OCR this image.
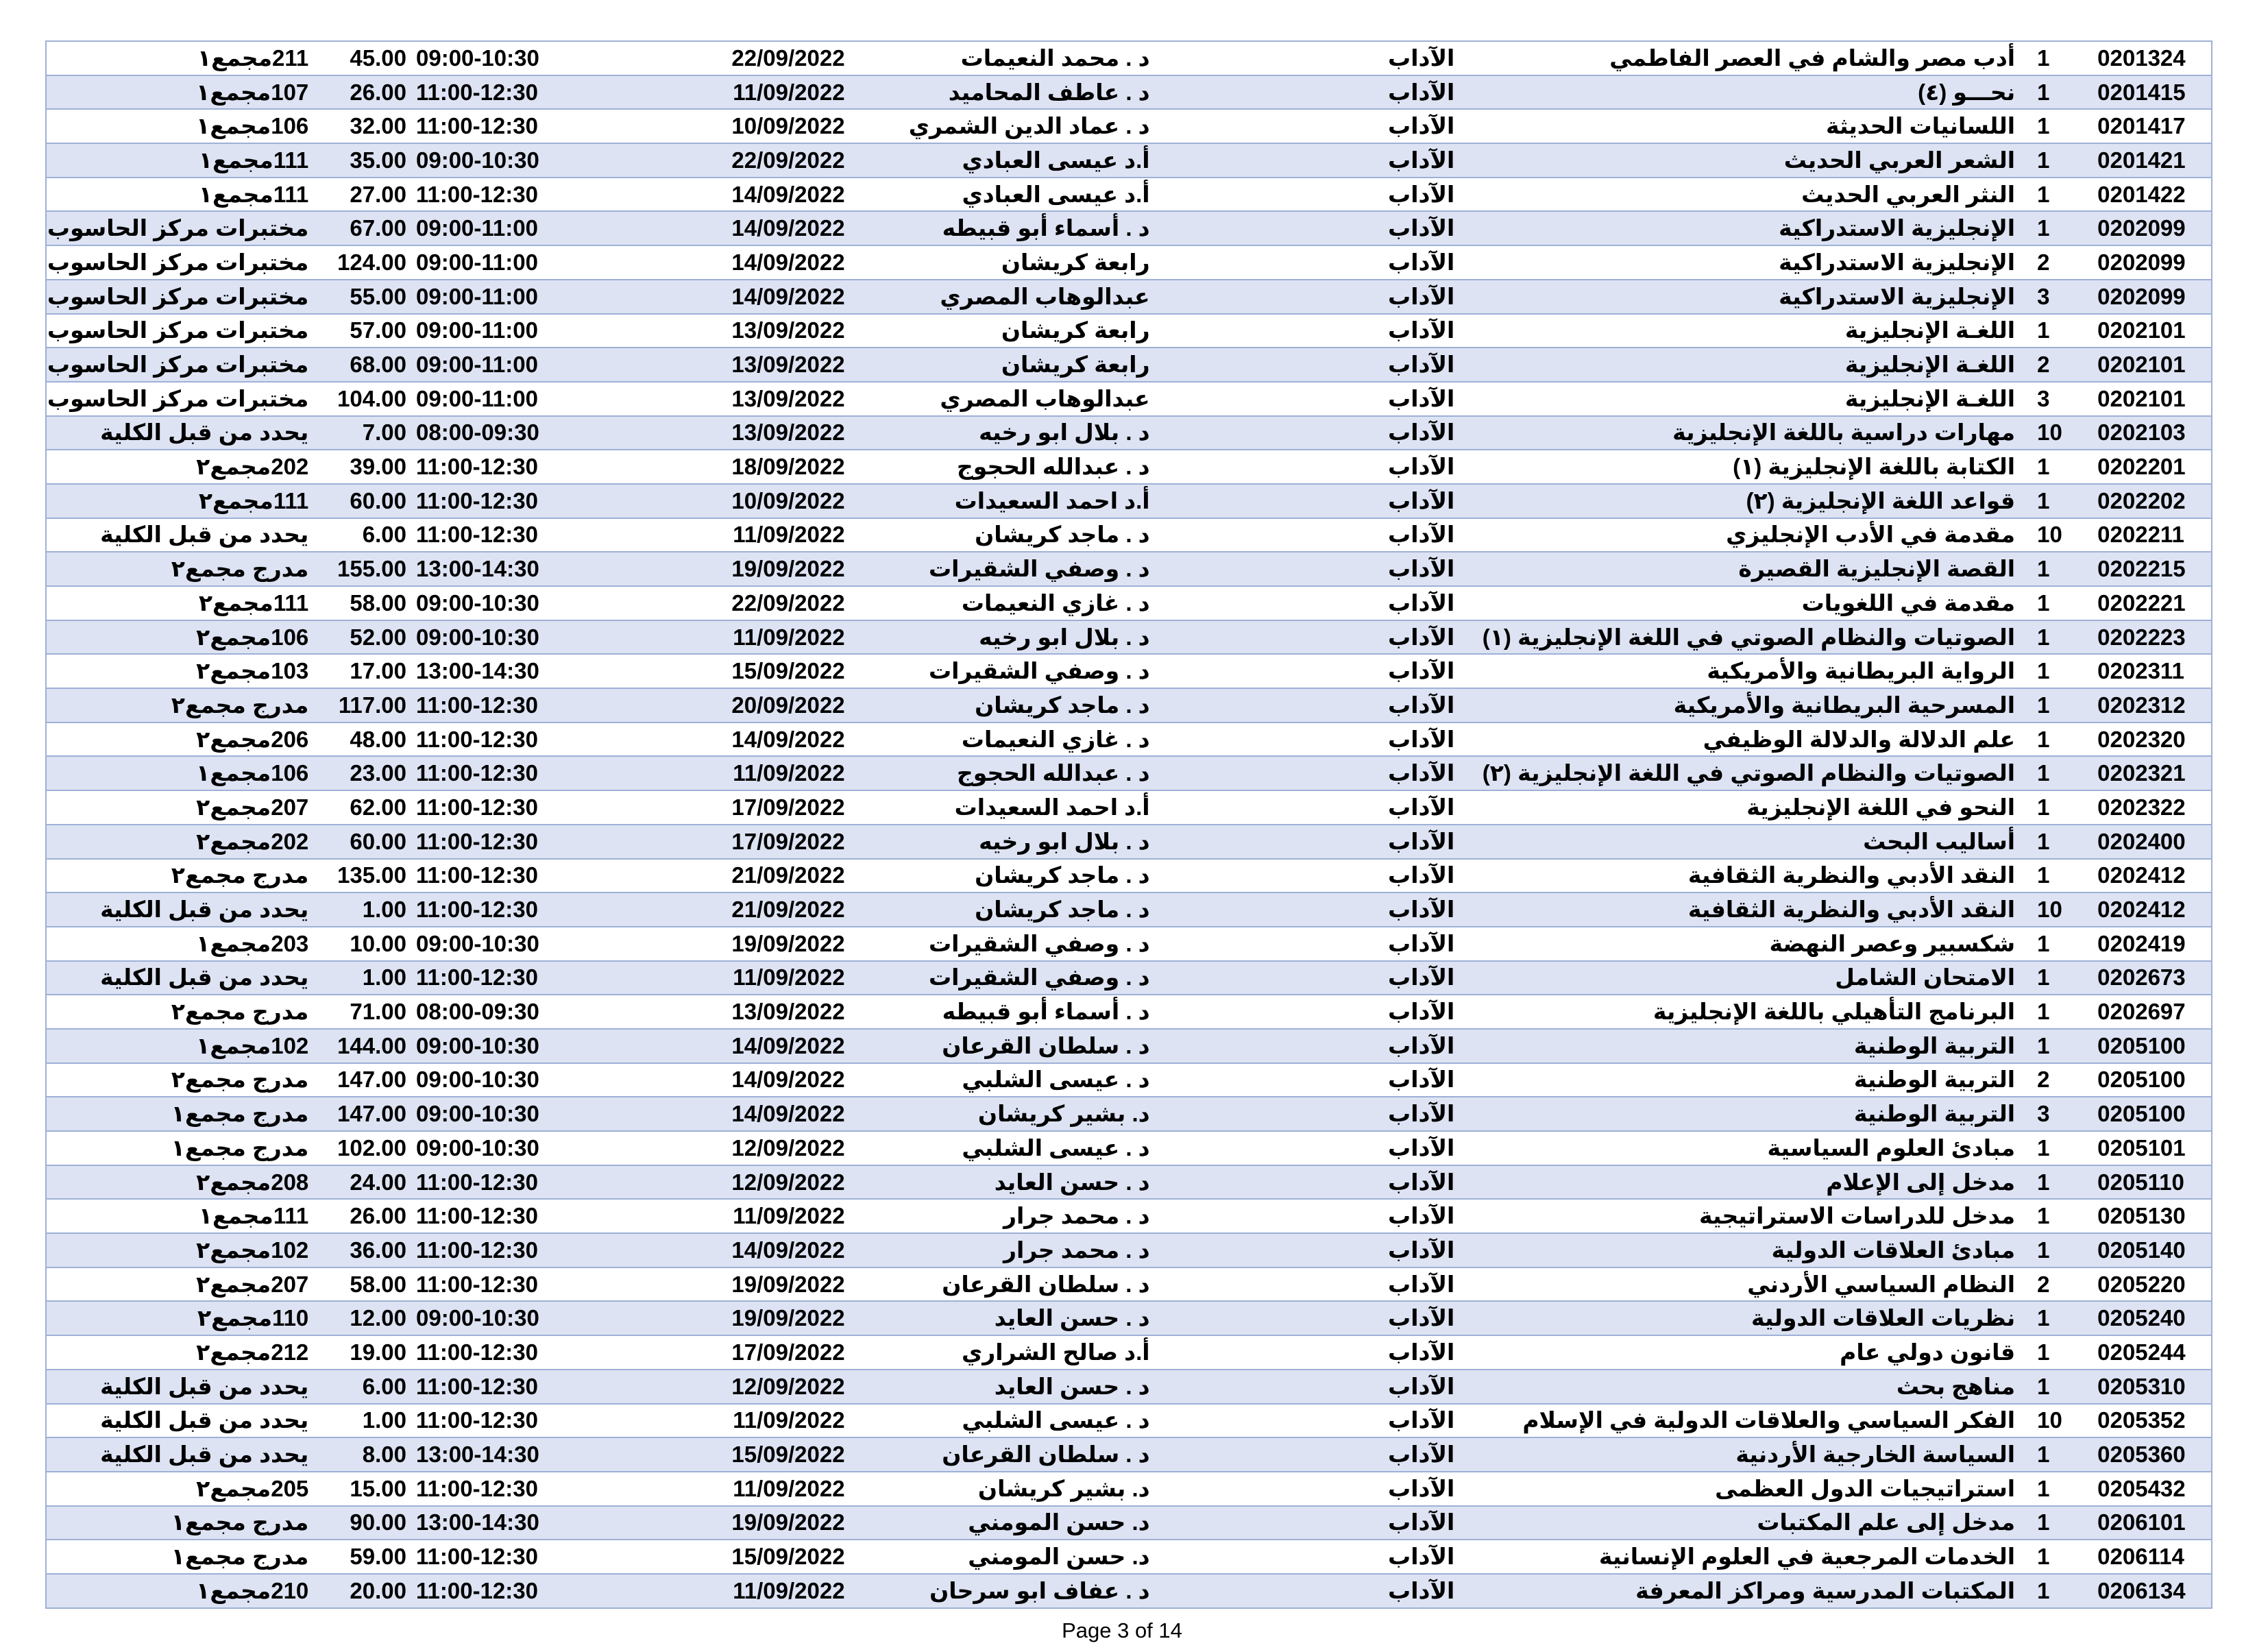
211مجمع١	45.00	09:00-10:30	22/09/2022	د . محمد النعيمات	الآداب	أدب مصر والشام في العصر الفاطمي	1	0201324
107مجمع١	26.00	11:00-12:30	11/09/2022	د . عاطف المحاميد	الآداب	نحـــو (٤)	1	0201415
106مجمع١	32.00	11:00-12:30	10/09/2022	د . عماد الدين الشمري	الآداب	اللسانيات الحديثة	1	0201417
111مجمع١	35.00	09:00-10:30	22/09/2022	أ.د عيسى العبادي	الآداب	الشعر العربي الحديث	1	0201421
111مجمع١	27.00	11:00-12:30	14/09/2022	أ.د عيسى العبادي	الآداب	النثر العربي الحديث	1	0201422
مختبرات مركز الحاسوب	67.00	09:00-11:00	14/09/2022	د . أسماء أبو قبيطه	الآداب	الإنجليزية الاستدراكية	1	0202099
مختبرات مركز الحاسوب	124.00	09:00-11:00	14/09/2022	رابعة كريشان	الآداب	الإنجليزية الاستدراكية	2	0202099
مختبرات مركز الحاسوب	55.00	09:00-11:00	14/09/2022	عبدالوهاب المصري	الآداب	الإنجليزية الاستدراكية	3	0202099
مختبرات مركز الحاسوب	57.00	09:00-11:00	13/09/2022	رابعة كريشان	الآداب	اللغـة الإنجليزية	1	0202101
مختبرات مركز الحاسوب	68.00	09:00-11:00	13/09/2022	رابعة كريشان	الآداب	اللغـة الإنجليزية	2	0202101
مختبرات مركز الحاسوب	104.00	09:00-11:00	13/09/2022	عبدالوهاب المصري	الآداب	اللغـة الإنجليزية	3	0202101
يحدد من قبل الكلية	7.00	08:00-09:30	13/09/2022	د . بلال ابو رخيه	الآداب	مهارات دراسية باللغة الإنجليزية	10	0202103
202مجمع٢	39.00	11:00-12:30	18/09/2022	د . عبدالله الحجوج	الآداب	الكتابة باللغة الإنجليزية (١)	1	0202201
111مجمع٢	60.00	11:00-12:30	10/09/2022	أ.د احمد السعيدات	الآداب	قواعد اللغة الإنجليزية (٢)	1	0202202
يحدد من قبل الكلية	6.00	11:00-12:30	11/09/2022	د . ماجد كريشان	الآداب	مقدمة في الأدب الإنجليزي	10	0202211
مدرج مجمع٢	155.00	13:00-14:30	19/09/2022	د . وصفي الشقيرات	الآداب	القصة الإنجليزية القصيرة	1	0202215
111مجمع٢	58.00	09:00-10:30	22/09/2022	د . غازي النعيمات	الآداب	مقدمة في اللغويات	1	0202221
106مجمع٢	52.00	09:00-10:30	11/09/2022	د . بلال ابو رخيه	الآداب	الصوتيات والنظام الصوتي في اللغة الإنجليزية (١)	1	0202223
103مجمع٢	17.00	13:00-14:30	15/09/2022	د . وصفي الشقيرات	الآداب	الرواية البريطانية والأمريكية	1	0202311
مدرج مجمع٢	117.00	11:00-12:30	20/09/2022	د . ماجد كريشان	الآداب	المسرحية البريطانية والأمريكية	1	0202312
206مجمع٢	48.00	11:00-12:30	14/09/2022	د . غازي النعيمات	الآداب	علم الدلالة والدلالة الوظيفي	1	0202320
106مجمع١	23.00	11:00-12:30	11/09/2022	د . عبدالله الحجوج	الآداب	الصوتيات والنظام الصوتي في اللغة الإنجليزية (٢)	1	0202321
207مجمع٢	62.00	11:00-12:30	17/09/2022	أ.د احمد السعيدات	الآداب	النحو في اللغة الإنجليزية	1	0202322
202مجمع٢	60.00	11:00-12:30	17/09/2022	د . بلال ابو رخيه	الآداب	أساليب البحث	1	0202400
مدرج مجمع٢	135.00	11:00-12:30	21/09/2022	د . ماجد كريشان	الآداب	النقد الأدبي والنظرية الثقافية	1	0202412
يحدد من قبل الكلية	1.00	11:00-12:30	21/09/2022	د . ماجد كريشان	الآداب	النقد الأدبي والنظرية الثقافية	10	0202412
203مجمع١	10.00	09:00-10:30	19/09/2022	د . وصفي الشقيرات	الآداب	شكسبير وعصر النهضة	1	0202419
يحدد من قبل الكلية	1.00	11:00-12:30	11/09/2022	د . وصفي الشقيرات	الآداب	الامتحان الشامل	1	0202673
مدرج مجمع٢	71.00	08:00-09:30	13/09/2022	د . أسماء أبو قبيطه	الآداب	البرنامج التأهيلي باللغة الإنجليزية	1	0202697
102مجمع١	144.00	09:00-10:30	14/09/2022	د . سلطان القرعان	الآداب	التربية الوطنية	1	0205100
مدرج مجمع٢	147.00	09:00-10:30	14/09/2022	د . عيسى الشلبي	الآداب	التربية الوطنية	2	0205100
مدرج مجمع١	147.00	09:00-10:30	14/09/2022	د. بشير كريشان	الآداب	التربية الوطنية	3	0205100
مدرج مجمع١	102.00	09:00-10:30	12/09/2022	د . عيسى الشلبي	الآداب	مبادئ العلوم السياسية	1	0205101
208مجمع٢	24.00	11:00-12:30	12/09/2022	د . حسن العايد	الآداب	مدخل إلى الإعلام	1	0205110
111مجمع١	26.00	11:00-12:30	11/09/2022	د . محمد جرار	الآداب	مدخل للدراسات الاستراتيجية	1	0205130
102مجمع٢	36.00	11:00-12:30	14/09/2022	د . محمد جرار	الآداب	مبادئ العلاقات الدولية	1	0205140
207مجمع٢	58.00	11:00-12:30	19/09/2022	د . سلطان القرعان	الآداب	النظام السياسي الأردني	2	0205220
110مجمع٢	12.00	09:00-10:30	19/09/2022	د . حسن العايد	الآداب	نظريات العلاقات الدولية	1	0205240
212مجمع٢	19.00	11:00-12:30	17/09/2022	أ.د صالح الشراري	الآداب	قانون دولي عام	1	0205244
يحدد من قبل الكلية	6.00	11:00-12:30	12/09/2022	د . حسن العايد	الآداب	مناهج بحث	1	0205310
يحدد من قبل الكلية	1.00	11:00-12:30	11/09/2022	د . عيسى الشلبي	الآداب	الفكر السياسي والعلاقات الدولية في الإسلام	10	0205352
يحدد من قبل الكلية	8.00	13:00-14:30	15/09/2022	د . سلطان القرعان	الآداب	السياسة الخارجية الأردنية	1	0205360
205مجمع٢	15.00	11:00-12:30	11/09/2022	د. بشير كريشان	الآداب	استراتيجيات الدول العظمى	1	0205432
مدرج مجمع١	90.00	13:00-14:30	19/09/2022	د. حسن المومني	الآداب	مدخل إلى علم المكتبات	1	0206101
مدرج مجمع١	59.00	11:00-12:30	15/09/2022	د. حسن المومني	الآداب	الخدمات المرجعية في العلوم الإنسانية	1	0206114
210مجمع١	20.00	11:00-12:30	11/09/2022	د . عفاف ابو سرحان	الآداب	المكتبات المدرسية ومراكز المعرفة	1	0206134
Page 3 of 14
